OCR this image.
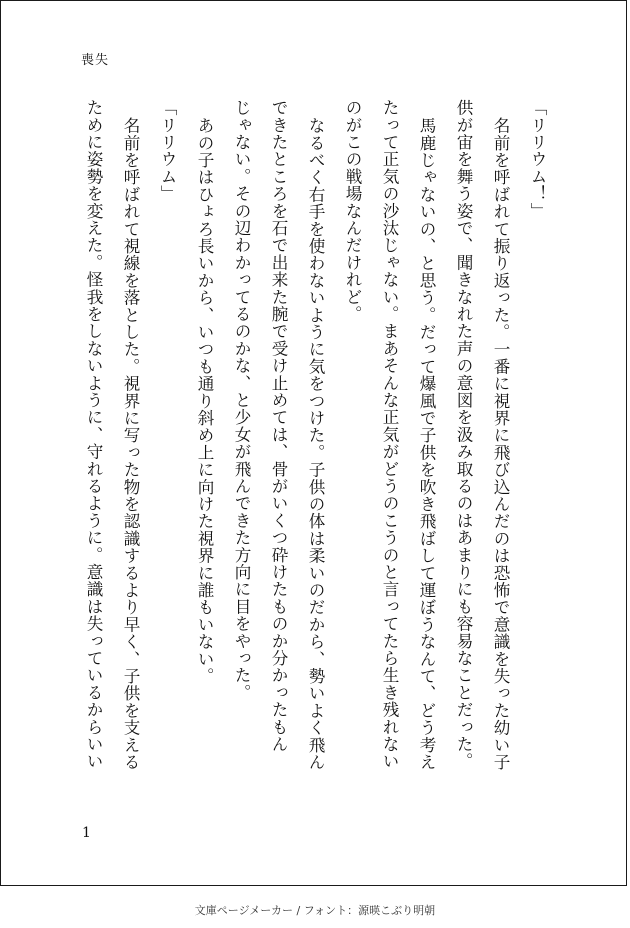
喪失
「リリウム！」
名前を呼ばれて振り返った。一番に視界に飛び込んだのは恐怖で意識を失った幼い子
供が宙を舞う姿で、聞きなれた声の意図を汲み取るのはあまりにも容易なことだった。
馬鹿じゃないの、と思う。だって爆風で子供を吹き飛ばして運ぼうなんて、どう考え
たって正気の沙汰じゃない。まあそんな正気がどうのこうのと言ってたら生き残れない
のがこの戦場なんだけれど。
なるべく右手を使わないように気をつけた。子供の体は柔いのだから、勢いよく飛ん
できたところを石で出来た腕で受け止めては、骨がいくつ砕けたものか分かったもん
じゃない。その辺わかってるのかな、と少女が飛んできた方向に目をやった。
あの子はひょろ長いから、いつも通り斜め上に向けた視界に誰もいない。
「リリウム」
名前を呼ばれて視線を落とした。視界に写った物を認識するより早く、子供を支える
ために姿勢を変えた。怪我をしないように、守れるように。意識は失っているからいい
1
文庫ページメーカー / フォント：源暎こぶり明朝
